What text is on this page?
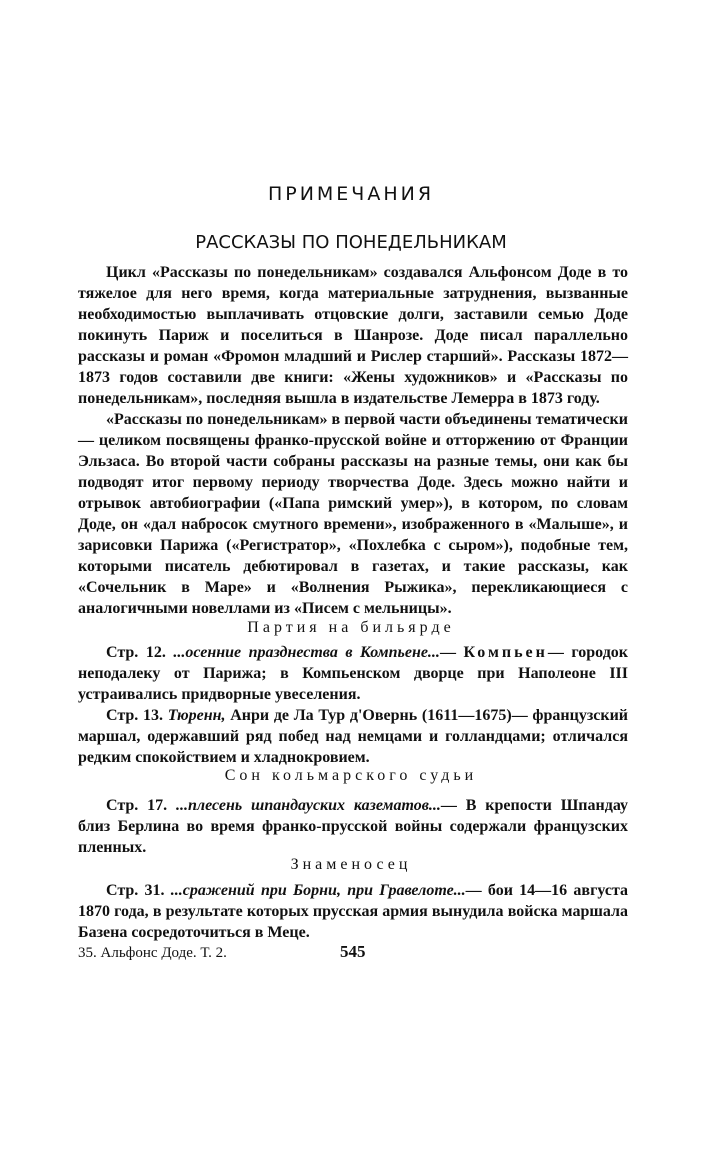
ПРИМЕЧАНИЯ
РАССКАЗЫ ПО ПОНЕДЕЛЬНИКАМ

Цикл «Рассказы по понедельникам» создавался Альфонсом Доде в то тяжелое для него время, когда материальные затруднения, вызванные необходимостью выплачивать отцовские долги, заставили семью Доде покинуть Париж и поселиться в Шанрозе. Доде писал параллельно рассказы и роман «Фромон младший и Рислер старший». Рассказы 1872—1873 годов составили две книги: «Жены художников» и «Рассказы по понедельникам», последняя вышла в издательстве Лемерра в 1873 году.

«Рассказы по понедельникам» в первой части объединены тематически — целиком посвящены франко-прусской войне и отторжению от Франции Эльзаса. Во второй части собраны рассказы на разные темы, они как бы подводят итог первому периоду творчества Доде. Здесь можно найти и отрывок автобиографии («Папа римский умер»), в котором, по словам Доде, он «дал набросок смутного времени», изображенного в «Малыше», и зарисовки Парижа («Регистратор», «Похлебка с сыром»), подобные тем, которыми писатель дебютировал в газетах, и такие рассказы, как «Сочельник в Маре» и «Волнения Рыжика», перекликающиеся с аналогичными новеллами из «Писем с мельницы».

Партия на бильярде

Стр. 12. ...осенние празднества в Компьене...— Компьен— городок неподалеку от Парижа; в Компьенском дворце при Наполеоне III устраивались придворные увеселения.

Стр. 13. Тюренн, Анри де Ла Тур д'Овернь (1611—1675)— французский маршал, одержавший ряд побед над немцами и голландцами; отличался редким спокойствием и хладнокровием.

Сон кольмарского судьи

Стр. 17. ...плесень шпандауских казематов...— В крепости Шпандау близ Берлина во время франко-прусской войны содержали французских пленных.

Знаменосец

Стр. 31. ...сражений при Борни, при Гравелоте...— бои 14—16 августа 1870 года, в результате которых прусская армия вынудила войска маршала Базена сосредоточиться в Меце.

35. Альфонс Доде. Т. 2.	545
